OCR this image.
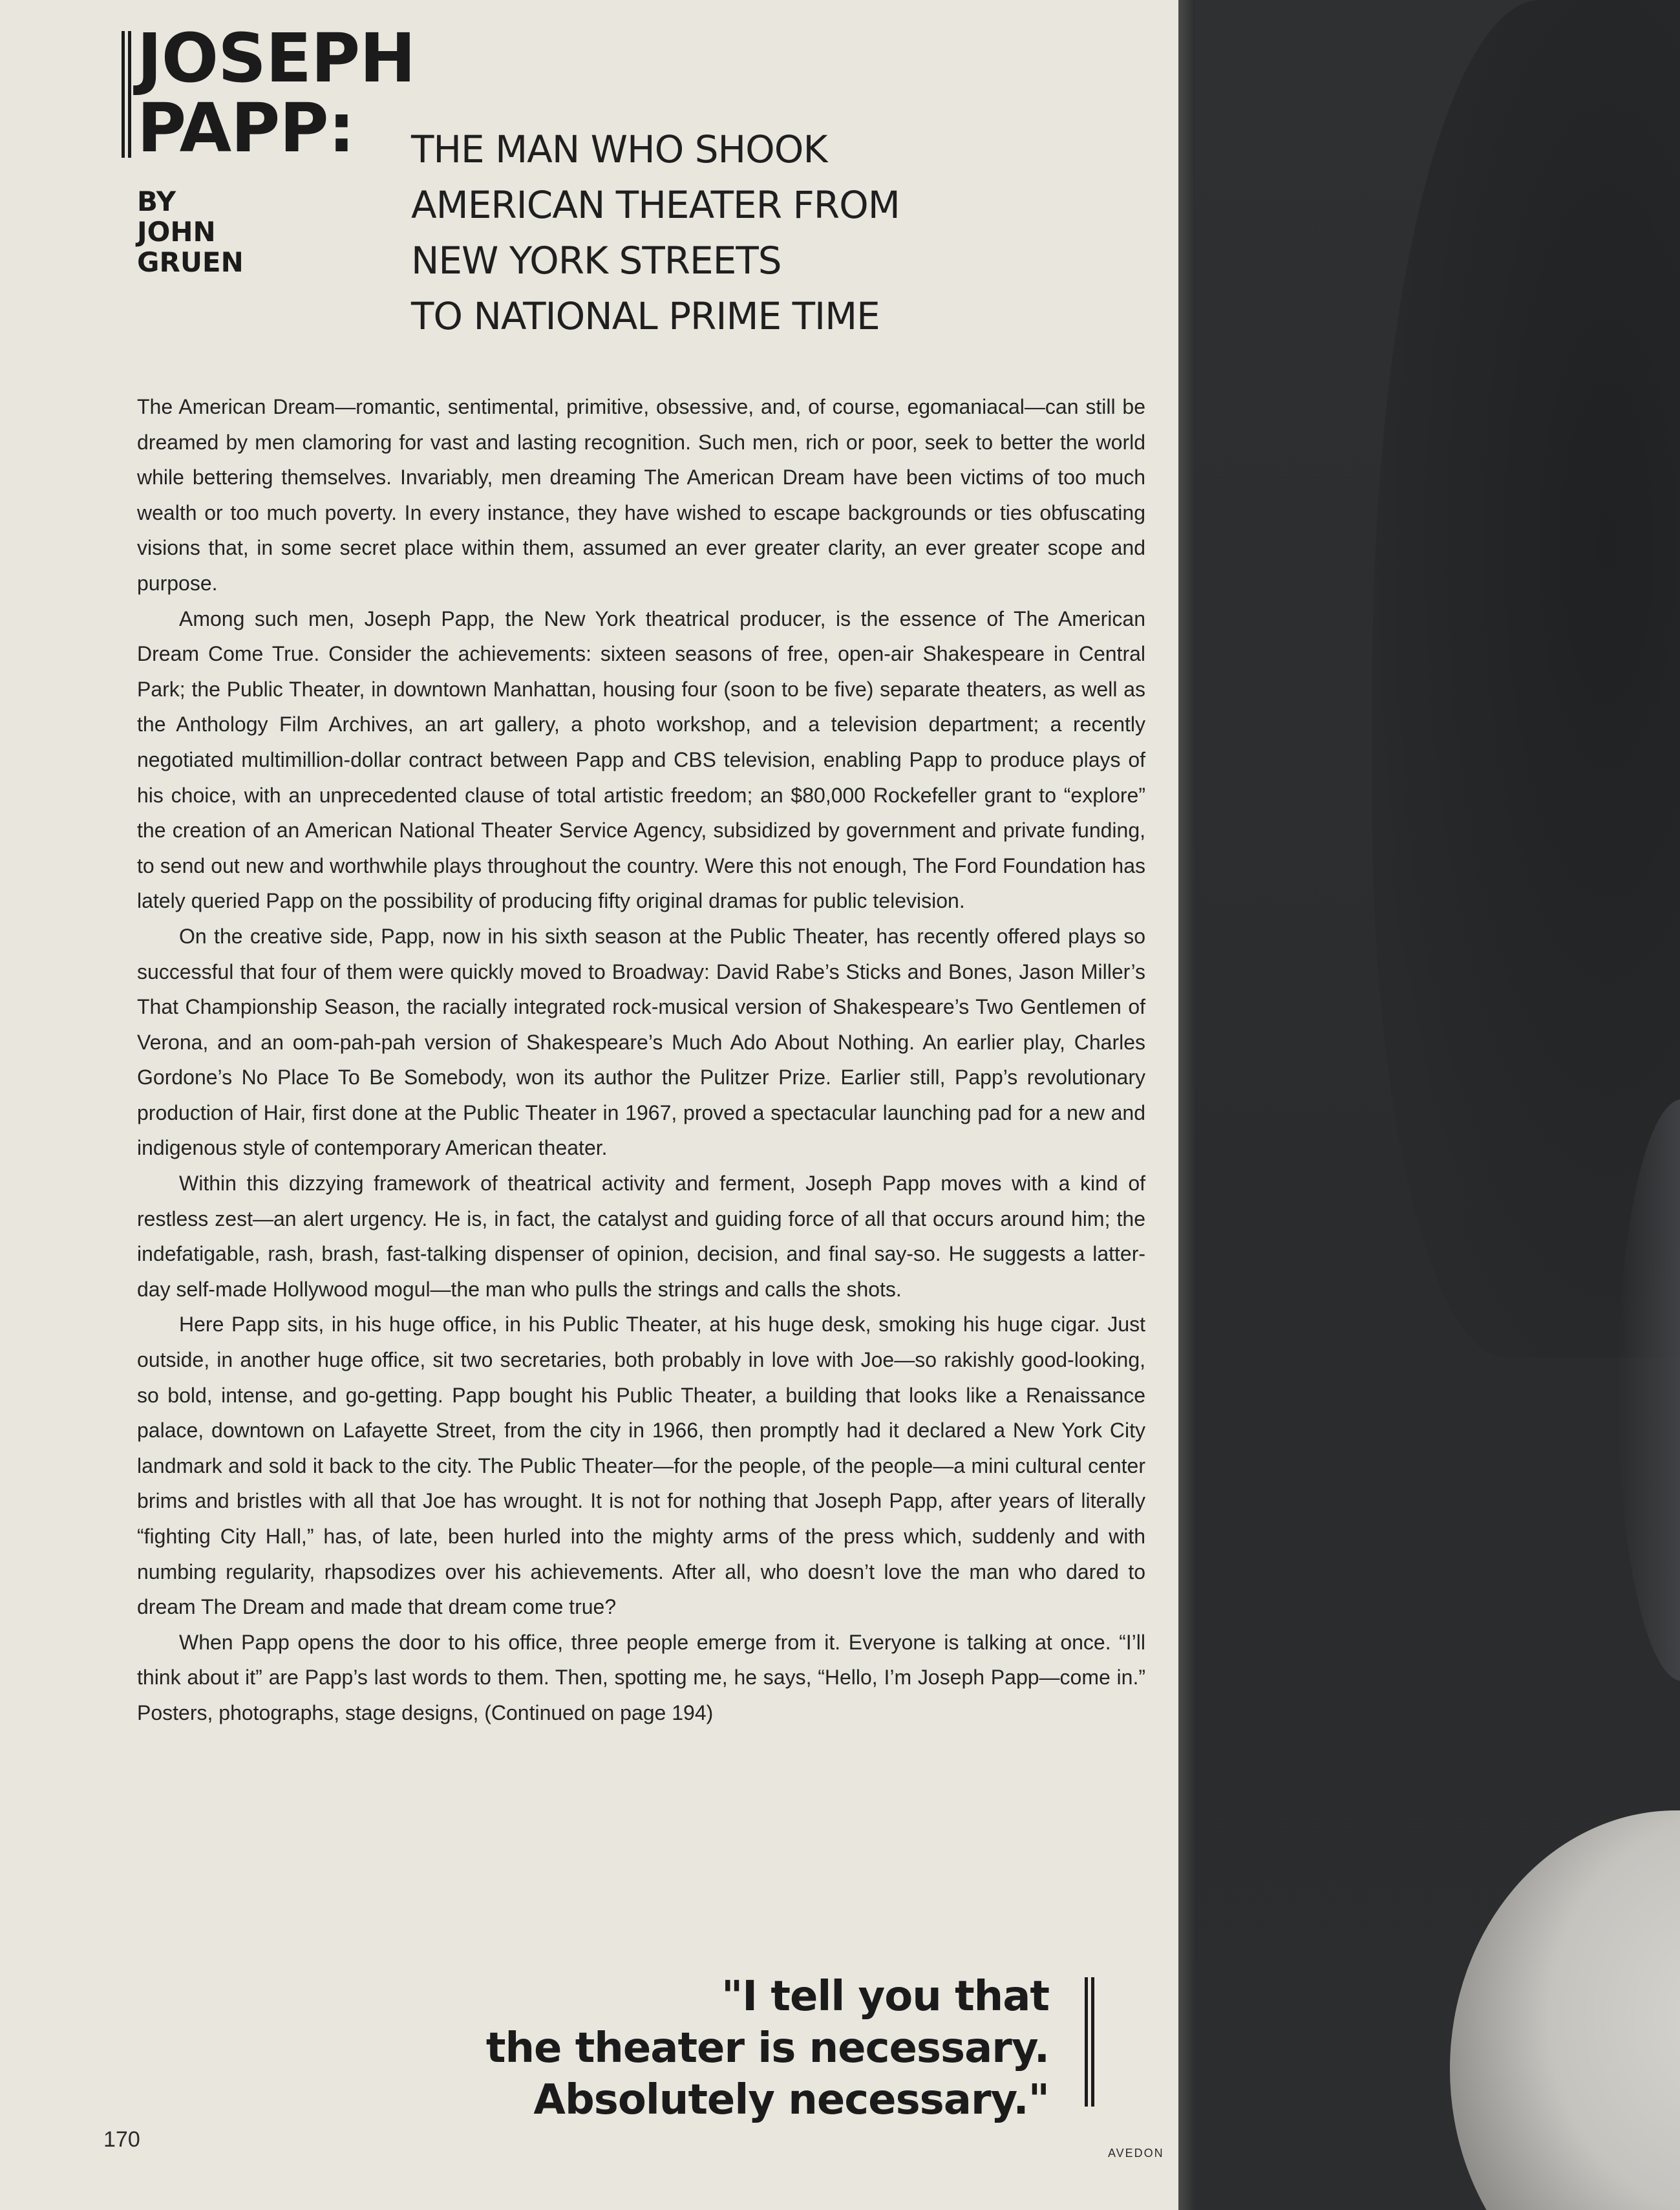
JOSEPH
PAPP:
BY
JOHN
GRUEN
THE MAN WHO SHOOK
AMERICAN THEATER FROM
NEW YORK STREETS
TO NATIONAL PRIME TIME

The American Dream—romantic, sentimental, primitive, obsessive, and, of course, egomaniacal—can still be dreamed by men clamoring for vast and lasting recognition. Such men, rich or poor, seek to better the world while bettering themselves. Invariably, men dreaming The American Dream have been victims of too much wealth or too much poverty. In every instance, they have wished to escape backgrounds or ties obfuscating visions that, in some secret place within them, assumed an ever greater clarity, an ever greater scope and purpose.

Among such men, Joseph Papp, the New York theatrical producer, is the essence of The American Dream Come True. Consider the achievements: sixteen seasons of free, open-air Shakespeare in Central Park; the Public Theater, in downtown Manhattan, housing four (soon to be five) separate theaters, as well as the Anthology Film Archives, an art gallery, a photo workshop, and a television department; a recently negotiated multimillion-dollar contract between Papp and CBS television, enabling Papp to produce plays of his choice, with an unprecedented clause of total artistic freedom; an $80,000 Rockefeller grant to “explore” the creation of an American National Theater Service Agency, subsidized by government and private funding, to send out new and worthwhile plays throughout the country. Were this not enough, The Ford Foundation has lately queried Papp on the possibility of producing fifty original dramas for public television.

On the creative side, Papp, now in his sixth season at the Public Theater, has recently offered plays so successful that four of them were quickly moved to Broadway: David Rabe’s Sticks and Bones, Jason Miller’s That Championship Season, the racially integrated rock-musical version of Shakespeare’s Two Gentlemen of Verona, and an oom-pah-pah version of Shakespeare’s Much Ado About Nothing. An earlier play, Charles Gordone’s No Place To Be Somebody, won its author the Pulitzer Prize. Earlier still, Papp’s revolutionary production of Hair, first done at the Public Theater in 1967, proved a spectacular launching pad for a new and indigenous style of contemporary American theater.

Within this dizzying framework of theatrical activity and ferment, Joseph Papp moves with a kind of restless zest—an alert urgency. He is, in fact, the catalyst and guiding force of all that occurs around him; the indefatigable, rash, brash, fast-talking dispenser of opinion, decision, and final say-so. He suggests a latter-day self-made Hollywood mogul—the man who pulls the strings and calls the shots.

Here Papp sits, in his huge office, in his Public Theater, at his huge desk, smoking his huge cigar. Just outside, in another huge office, sit two secretaries, both probably in love with Joe—so rakishly good-looking, so bold, intense, and go-getting. Papp bought his Public Theater, a building that looks like a Renaissance palace, downtown on Lafayette Street, from the city in 1966, then promptly had it declared a New York City landmark and sold it back to the city. The Public Theater—for the people, of the people—a mini cultural center brims and bristles with all that Joe has wrought. It is not for nothing that Joseph Papp, after years of literally “fighting City Hall,” has, of late, been hurled into the mighty arms of the press which, suddenly and with numbing regularity, rhapsodizes over his achievements. After all, who doesn’t love the man who dared to dream The Dream and made that dream come true?

When Papp opens the door to his office, three people emerge from it. Everyone is talking at once. “I’ll think about it” are Papp’s last words to them. Then, spotting me, he says, “Hello, I’m Joseph Papp—come in.” Posters, photographs, stage designs, (Continued on page 194)

"I tell you that
the theater is necessary.
Absolutely necessary."
170
AVEDON
